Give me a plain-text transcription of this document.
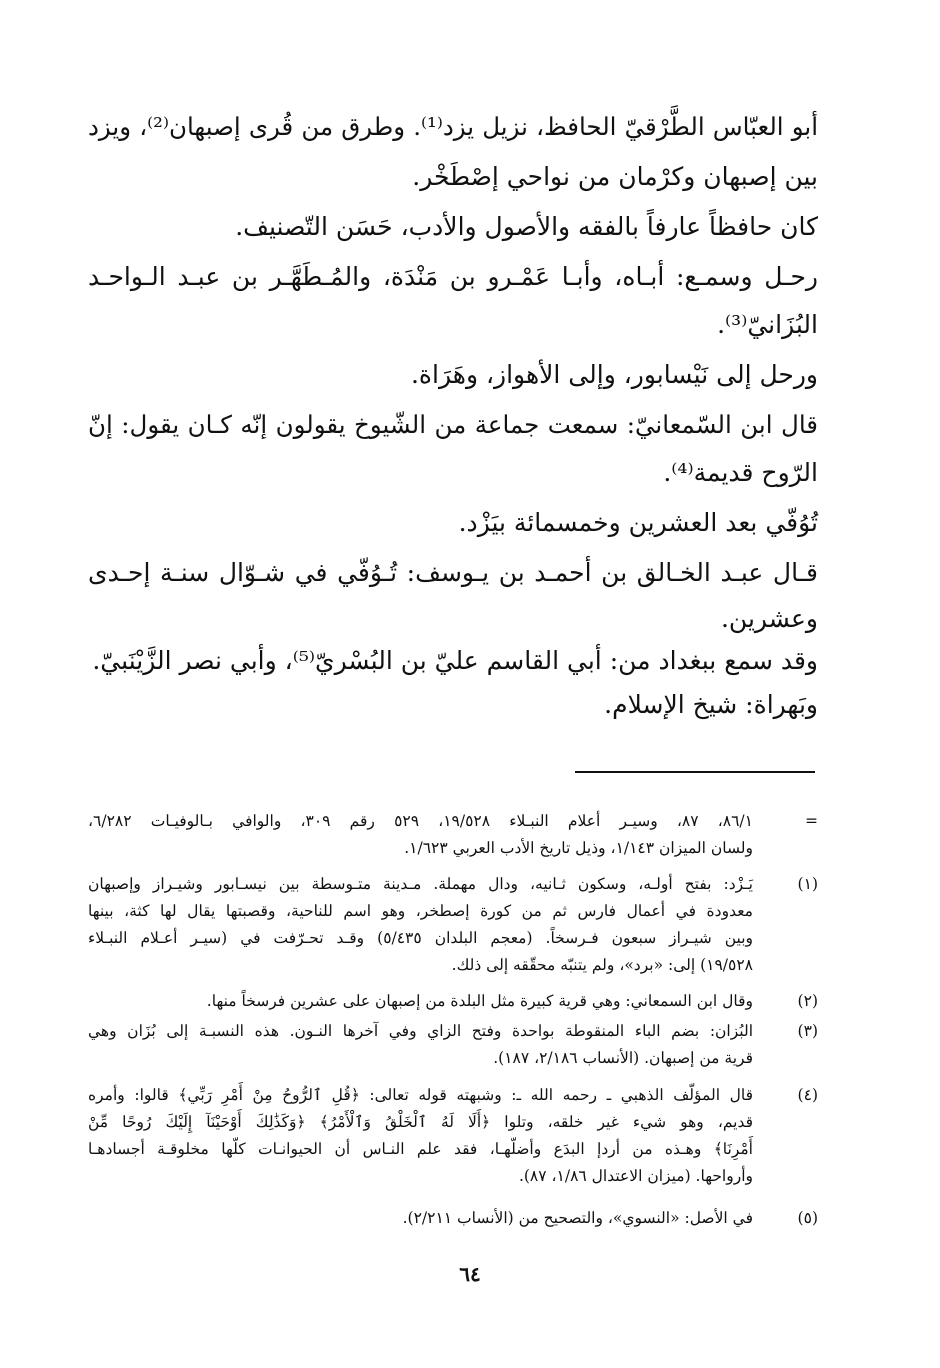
أبو العبّاس الطَّرْقيّ الحافظ، نزيل يزد⁽¹⁾. وطرق من قُرى إصبهان⁽²⁾، ويزد
بين إصبهان وكرْمان من نواحي إصْطَخْر.
كان حافظاً عارفاً بالفقه والأصول والأدب، حَسَن التّصنيف.
رحـل وسمـع: أبـاه، وأبـا عَمْـرو بن مَنْدَة، والمُـطَهَّـر بن عبـد الـواحـد
البُزَانيّ⁽³⁾.
ورحل إلى نَيْسابور، وإلى الأهواز، وهَرَاة.
قال ابن السّمعانيّ: سمعت جماعة من الشّيوخ يقولون إنّه كـان يقول: إنّ
الرّوح قديمة⁽⁴⁾.
تُوُفّي بعد العشرين وخمسمائة بيَزْد.
قـال عبـد الخـالق بن أحمـد بن يـوسف: تُـوُفّي في شـوّال سنـة إحـدى
وعشرين.
وقد سمع ببغداد من: أبي القاسم عليّ بن البُسْريّ⁽⁵⁾، وأبي نصر الزَّيْنَبيّ.
وبَهراة: شيخ الإسلام.
=
٨٦/١، ٨٧، وسيـر أعلام النبـلاء ١٩/٥٢٨، ٥٢٩ رقم ٣٠٩، والوافي بـالوفيـات ٦/٢٨٢،
ولسان الميزان ١/١٤٣، وذيل تاريخ الأدب العربي ١/٦٢٣.
(١)
يَـزْد: بفتح أولـه، وسكون ثـانيه، ودال مهملة. مـدينة متـوسطة بين نيسـابور وشيـراز وإصبهان
معدودة في أعمال فارس ثم من كورة إصطخر، وهو اسم للناحية، وقصبتها يقال لها كثة، بينها
وبين شيـراز سبعون فـرسخاً. (معجم البلدان ٥/٤٣٥) وقـد تحـرّفت في (سيـر أعـلام النبـلاء
١٩/٥٢٨) إلى: «برد»، ولم يتنبّه محقّقه إلى ذلك.
(٢)
وقال ابن السمعاني: وهي قرية كبيرة مثل البلدة من إصبهان على عشرين فرسخاً منها.
(٣)
البُزان: بضم الباء المنقوطة بواحدة وفتح الزاي وفي آخرها النـون. هذه النسبـة إلى بُزَان وهي
قرية من إصبهان. (الأنساب ٢/١٨٦، ١٨٧).
(٤)
قال المؤلّف الذهبي ـ رحمه الله ـ: وشبهته قوله تعالى: ﴿قُلِ ٱلرُّوحُ مِنْ أَمْرِ رَبِّي﴾ قالوا: وأمره
قديم، وهو شيء غير خلقه، وتلوا ﴿أَلَا لَهُ ٱلْخَلْقُ وَٱلْأَمْرُ﴾ ﴿وَكَذَٰلِكَ أَوْحَيْنَآ إِلَيْكَ رُوحًا مِّنْ
أَمْرِنَا﴾ وهـذه من أردإ البدَع وأضلّهـا، فقد علم النـاس أن الحيوانـات كلّها مخلوقـة أجسادهـا
وأرواحها. (ميزان الاعتدال ١/٨٦، ٨٧).
(٥)
في الأصل: «النسوي»، والتصحيح من (الأنساب ٢/٢١١).
٦٤
